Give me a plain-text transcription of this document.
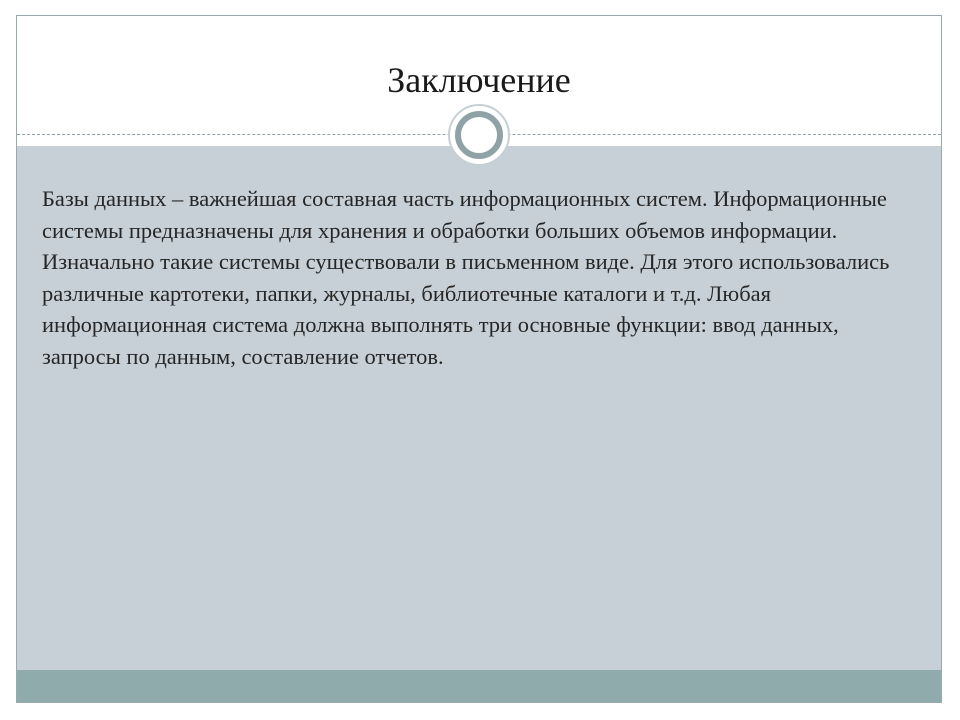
Заключение

Базы данных – важнейшая составная часть информационных систем. Информационные системы предназначены для хранения и обработки больших объемов информации. Изначально такие системы существовали в письменном виде. Для этого использовались различные картотеки, папки, журналы, библиотечные каталоги и т.д. Любая информационная система должна выполнять три основные функции: ввод данных, запросы по данным, составление отчетов.
